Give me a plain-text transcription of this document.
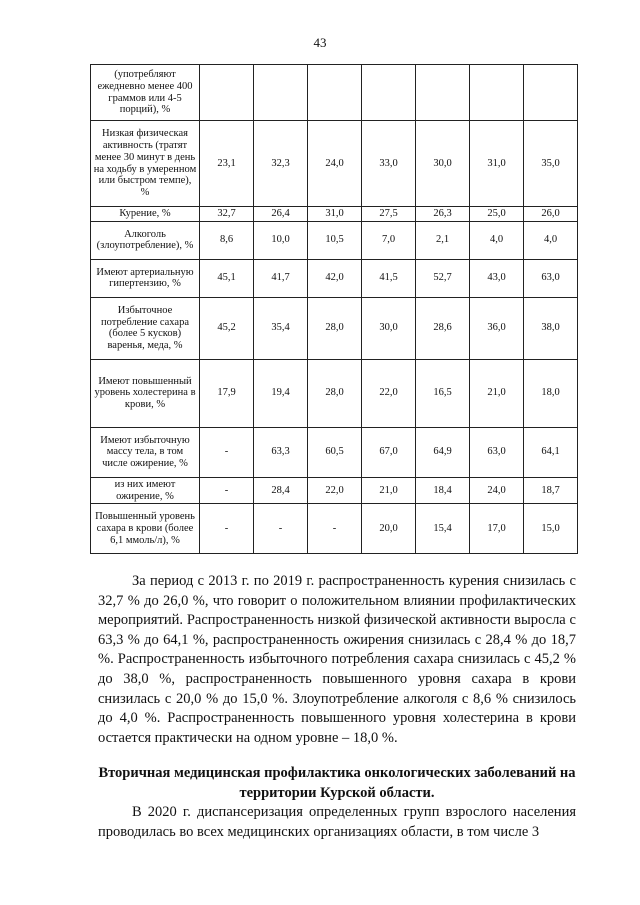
43
(употребляют ежедневно менее 400 граммов или 4-5 порций), %							
Низкая физическая активность (тратят менее 30 минут в день на ходьбу в умеренном или быстром темпе), %	23,1	32,3	24,0	33,0	30,0	31,0	35,0
Курение, %	32,7	26,4	31,0	27,5	26,3	25,0	26,0
Алкоголь (злоупотребление), %	8,6	10,0	10,5	7,0	2,1	4,0	4,0
Имеют артериальную гипертензию, %	45,1	41,7	42,0	41,5	52,7	43,0	63,0
Избыточное потребление сахара (более 5 кусков) варенья, меда, %	45,2	35,4	28,0	30,0	28,6	36,0	38,0
Имеют повышенный уровень холестерина в крови, %	17,9	19,4	28,0	22,0	16,5	21,0	18,0
Имеют избыточную массу тела, в том числе ожирение, %	-	63,3	60,5	67,0	64,9	63,0	64,1
из них имеют ожирение, %	-	28,4	22,0	21,0	18,4	24,0	18,7
Повышенный уровень сахара в крови (более 6,1 ммоль/л), %	-	-	-	20,0	15,4	17,0	15,0

За период с 2013 г. по 2019 г. распространенность курения снизилась с 32,7 % до 26,0 %, что говорит о положительном влиянии профилактических мероприятий. Распространенность низкой физической активности выросла с 63,3 % до 64,1 %, распространенность ожирения снизилась с 28,4 % до 18,7 %. Распространенность избыточного потребления сахара снизилась с 45,2 % до 38,0 %, распространенность повышенного уровня сахара в крови снизилась с 20,0 % до 15,0 %. Злоупотребление алкоголя с 8,6 % снизилось до 4,0 %. Распространенность повышенного уровня холестерина в крови остается практически на одном уровне – 18,0 %.

Вторичная медицинская профилактика онкологических заболеваний на территории Курской области.

В 2020 г. диспансеризация определенных групп взрослого населения проводилась во всех медицинских организациях области, в том числе 3
